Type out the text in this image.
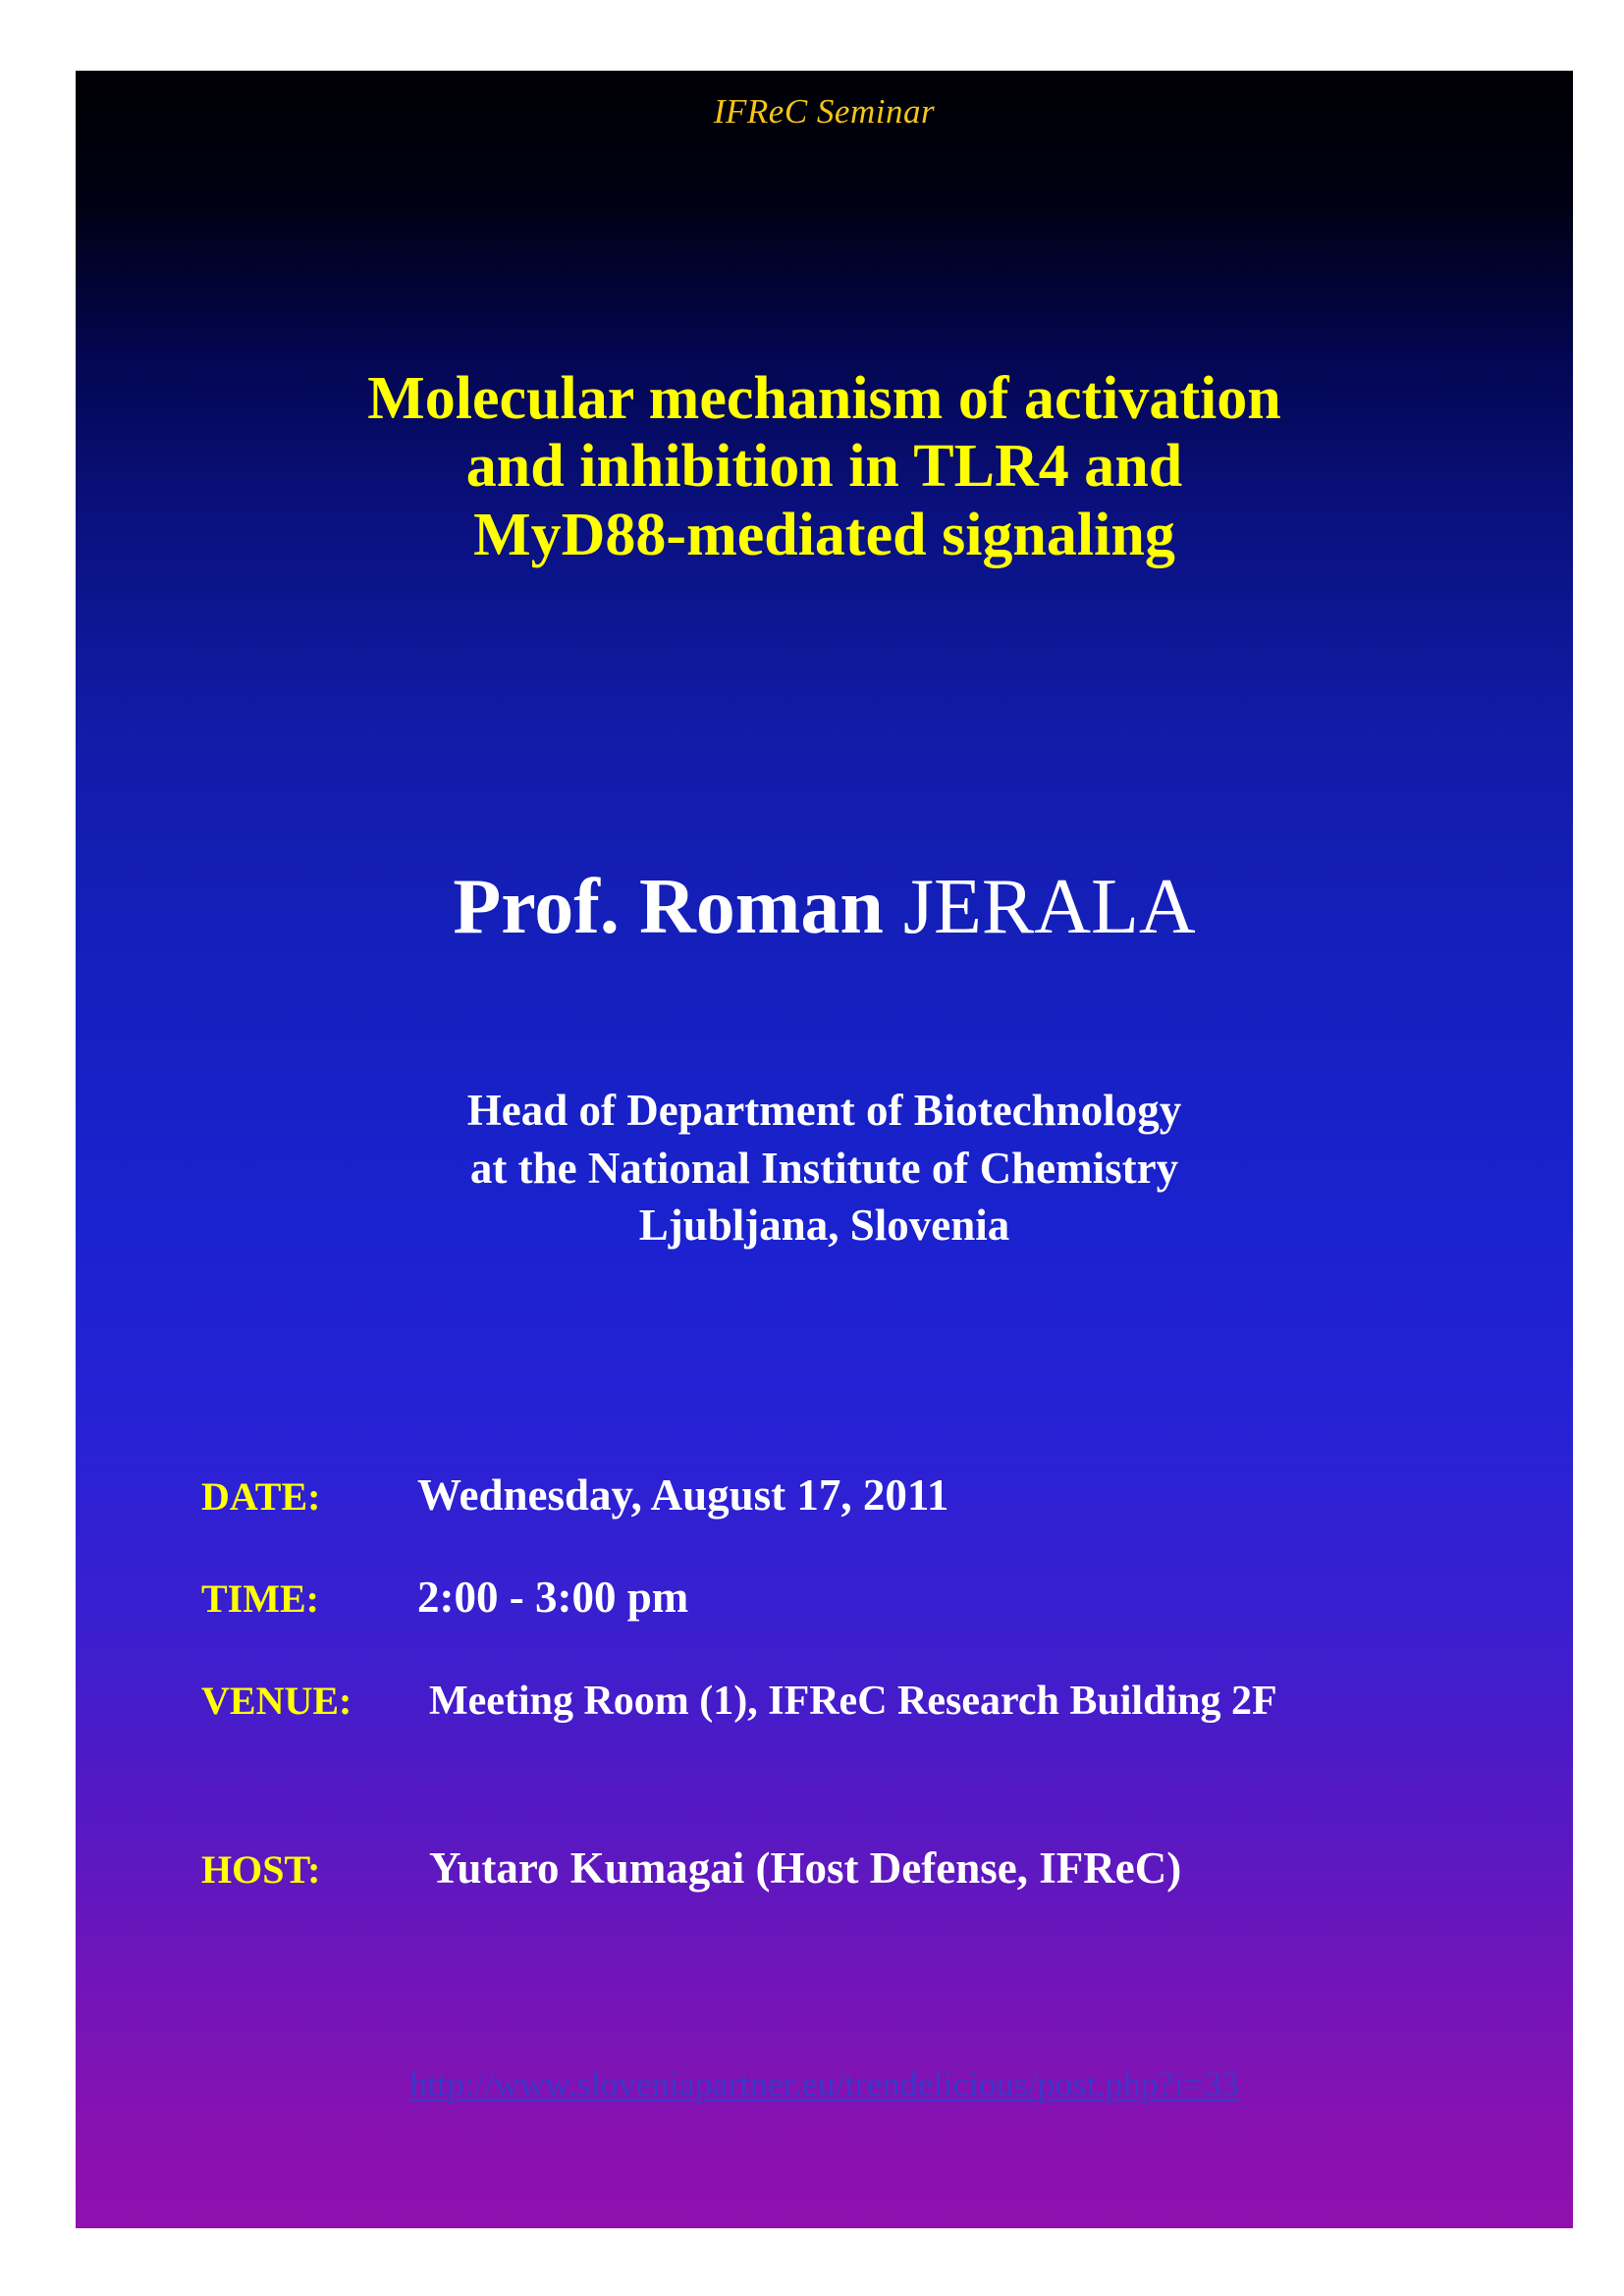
IFReC Seminar
Molecular mechanism of activation
and inhibition in TLR4 and
MyD88-mediated signaling
Prof. Roman JERALA
Head of Department of Biotechnology
at the National Institute of Chemistry
Ljubljana, Slovenia
DATE:	Wednesday, August 17, 2011
TIME:	2:00 - 3:00 pm
VENUE:	Meeting Room (1), IFReC Research Building 2F
HOST:	Yutaro Kumagai (Host Defense, IFReC)
http://www.sloveniapartner.eu/trendelicious/post.php?i=33
